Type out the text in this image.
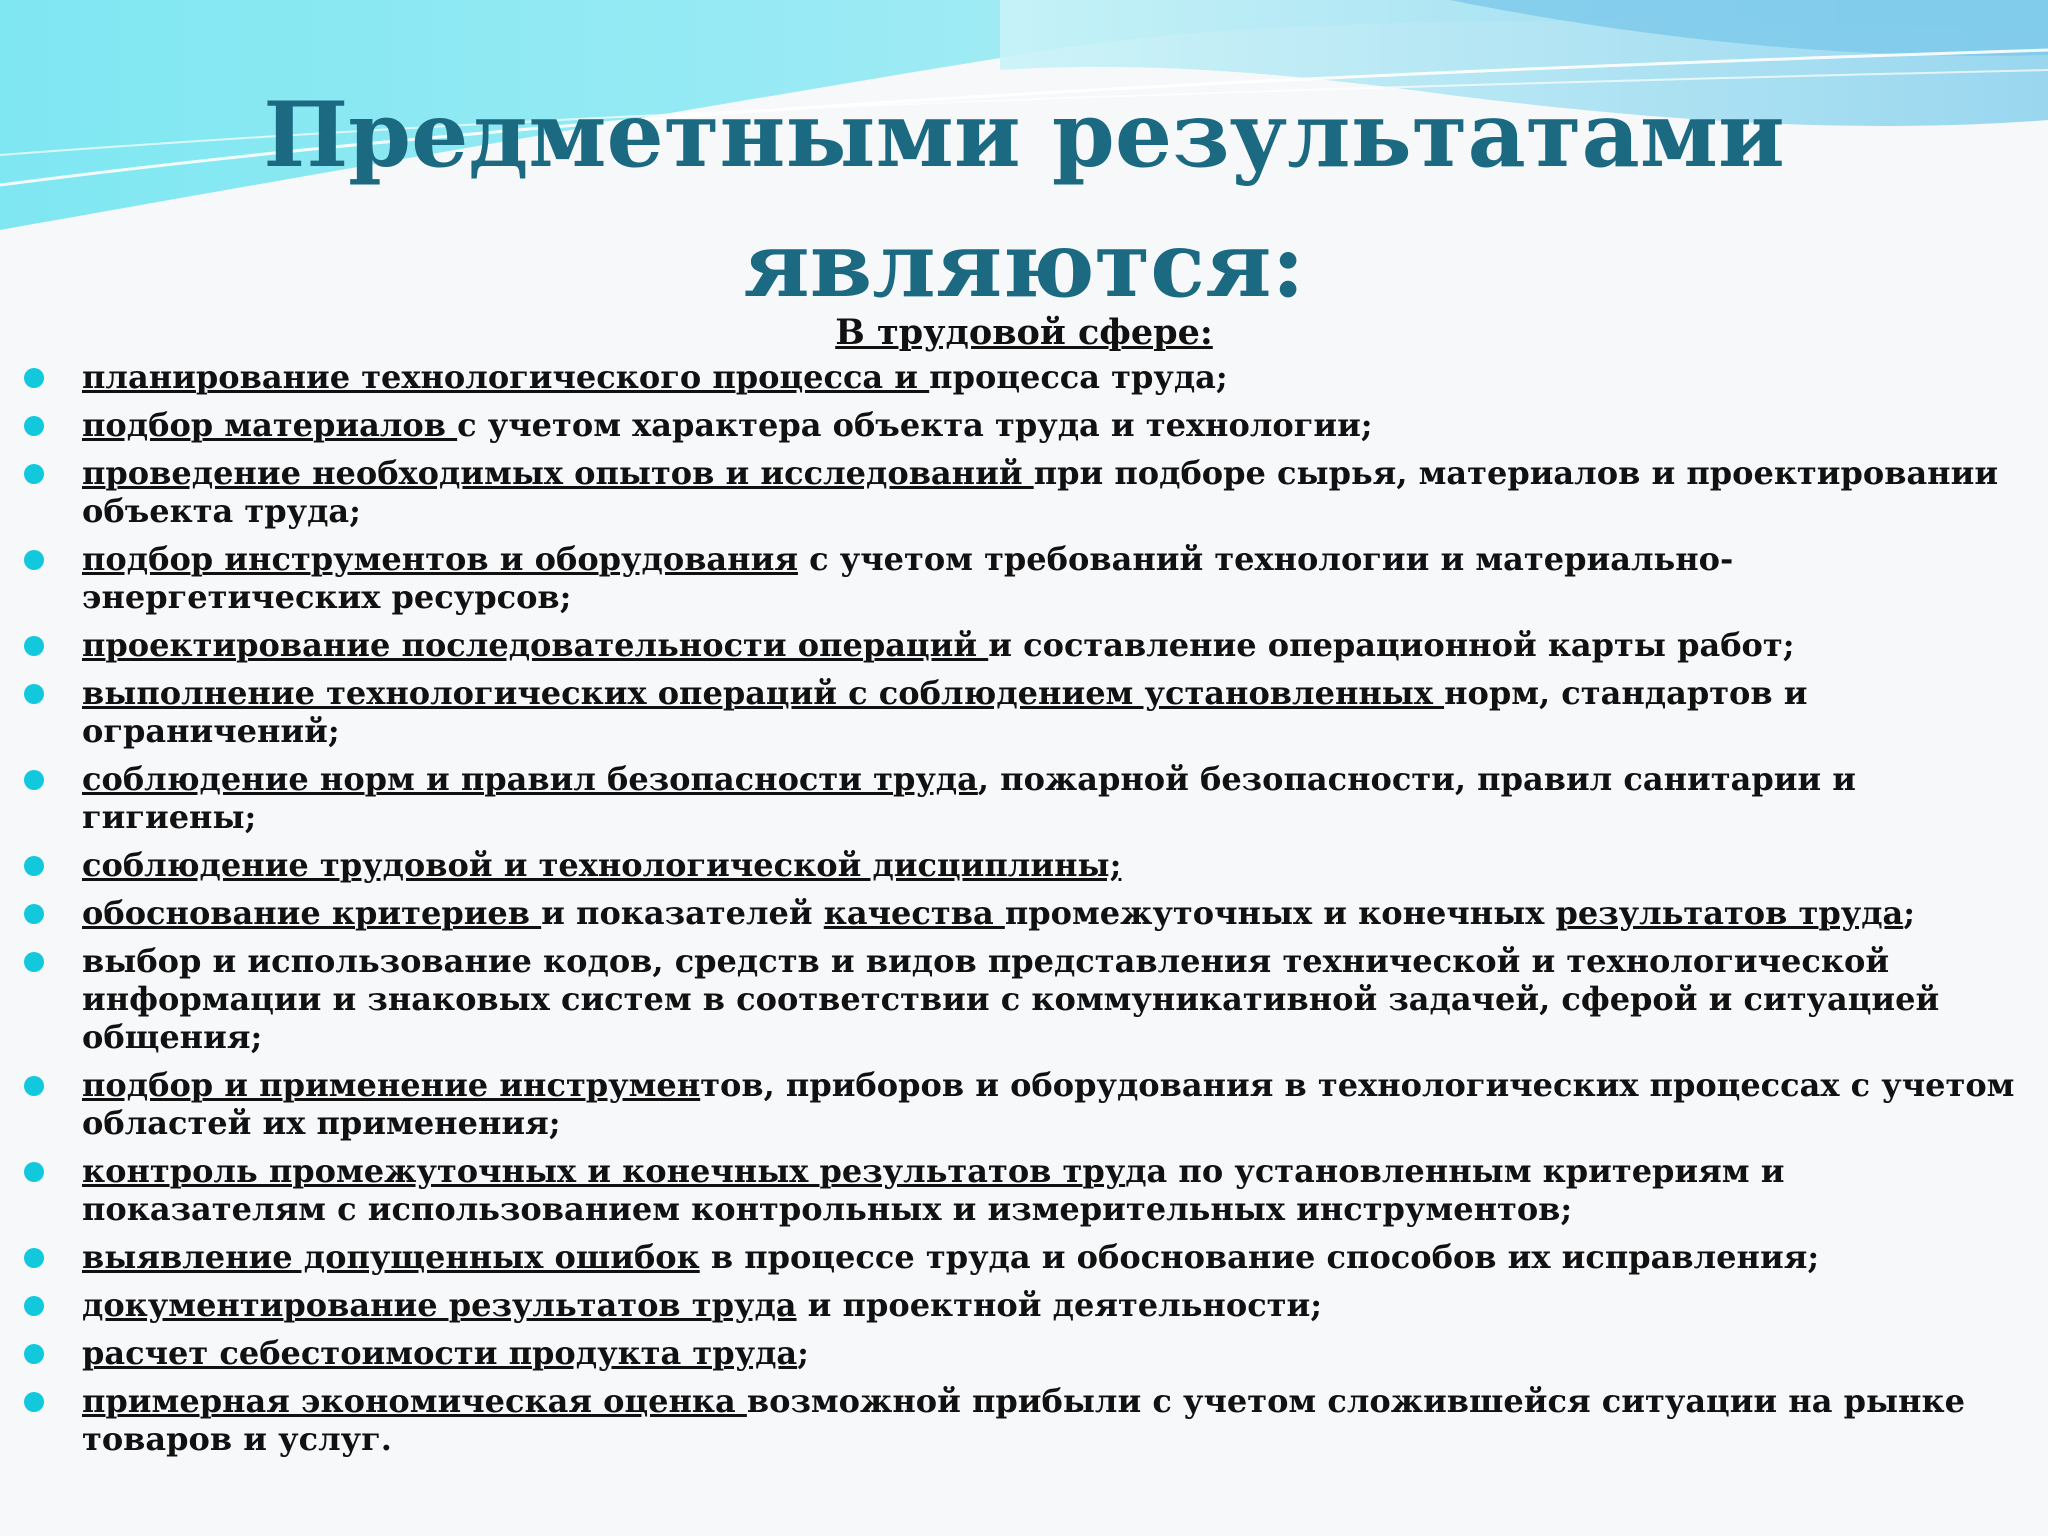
Предметными результатами
являются:
В трудовой сфере:
планирование технологического процесса и процесса труда;
подбор материалов с учетом характера объекта труда и технологии;
проведение необходимых опытов и исследований при подборе сырья, материалов и проектировании объекта труда;
подбор инструментов и оборудования с учетом требований технологии и материально-энергетических ресурсов;
проектирование последовательности операций и составление операционной карты работ;
выполнение технологических операций с соблюдением установленных норм, стандартов и ограничений;
соблюдение норм и правил безопасности труда, пожарной безопасности, правил санитарии и гигиены;
соблюдение трудовой и технологической дисциплины;
обоснование критериев и показателей качества промежуточных и конечных результатов труда;
выбор и использование кодов, средств и видов представления технической и технологической информации и знаковых систем в соответствии с коммуникативной задачей, сферой и ситуацией общения;
подбор и применение инструментов, приборов и оборудования в технологических процессах с учетом областей их применения;
контроль промежуточных и конечных результатов труда по установленным критериям и показателям с использованием контрольных и измерительных инструментов;
выявление допущенных ошибок в процессе труда и обоснование способов их исправления;
документирование результатов труда и проектной деятельности;
расчет себестоимости продукта труда;
примерная экономическая оценка возможной прибыли с учетом сложившейся ситуации на рынке товаров и услуг.
